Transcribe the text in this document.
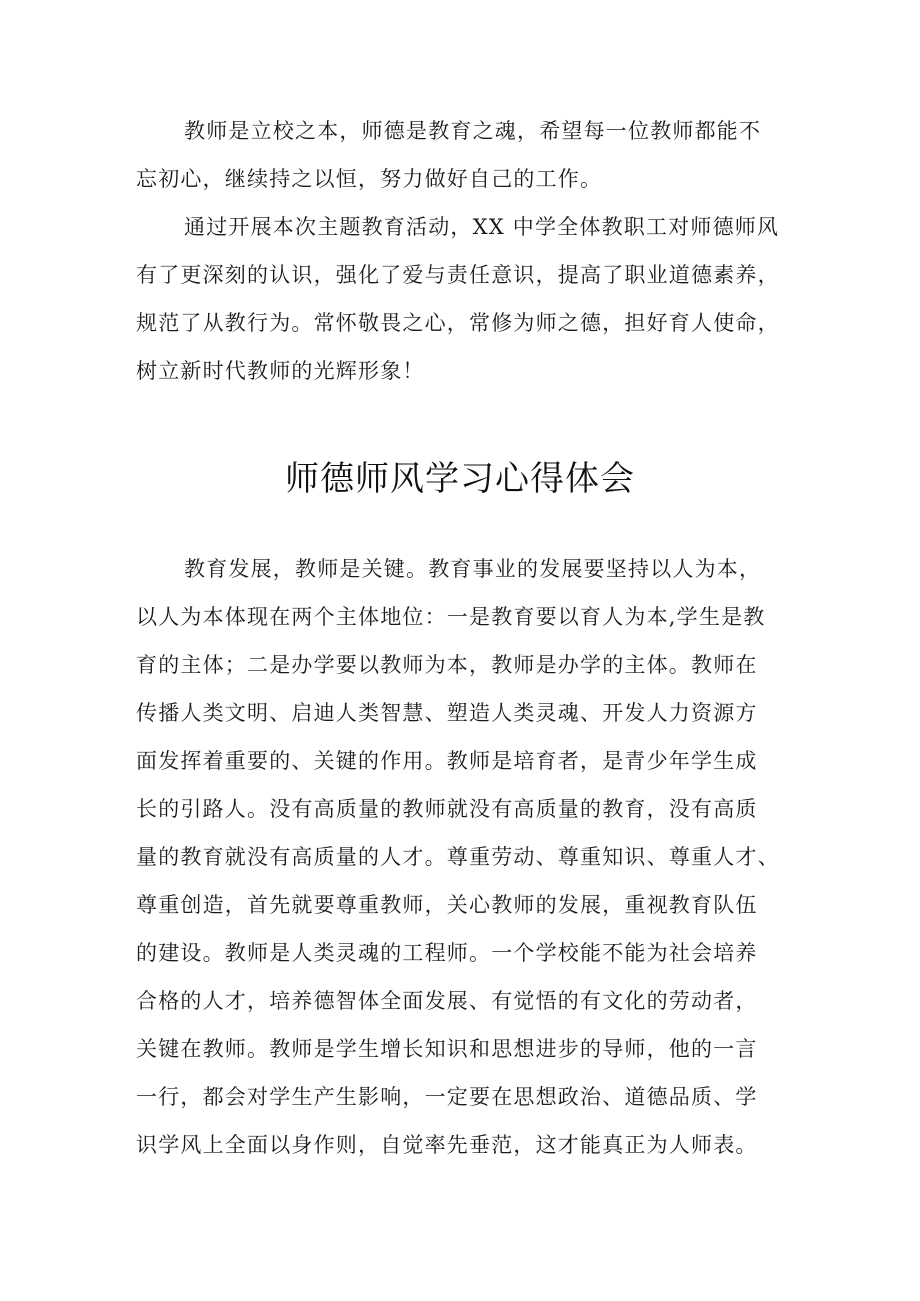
教师是立校之本，师德是教育之魂，希望每一位教师都能不
忘初心，继续持之以恒，努力做好自己的工作。
通过开展本次主题教育活动，XX 中学全体教职工对师德师风
有了更深刻的认识，强化了爱与责任意识，提高了职业道德素养，
规范了从教行为。常怀敬畏之心，常修为师之德，担好育人使命，
树立新时代教师的光辉形象！
师德师风学习心得体会
教育发展，教师是关键。教育事业的发展要坚持以人为本，
以人为本体现在两个主体地位：一是教育要以育人为本,学生是教
育的主体；二是办学要以教师为本，教师是办学的主体。教师在
传播人类文明、启迪人类智慧、塑造人类灵魂、开发人力资源方
面发挥着重要的、关键的作用。教师是培育者，是青少年学生成
长的引路人。没有高质量的教师就没有高质量的教育，没有高质
量的教育就没有高质量的人才。尊重劳动、尊重知识、尊重人才、
尊重创造，首先就要尊重教师，关心教师的发展，重视教育队伍
的建设。教师是人类灵魂的工程师。一个学校能不能为社会培养
合格的人才，培养德智体全面发展、有觉悟的有文化的劳动者，
关键在教师。教师是学生增长知识和思想进步的导师，他的一言
一行，都会对学生产生影响，一定要在思想政治、道德品质、学
识学风上全面以身作则，自觉率先垂范，这才能真正为人师表。
